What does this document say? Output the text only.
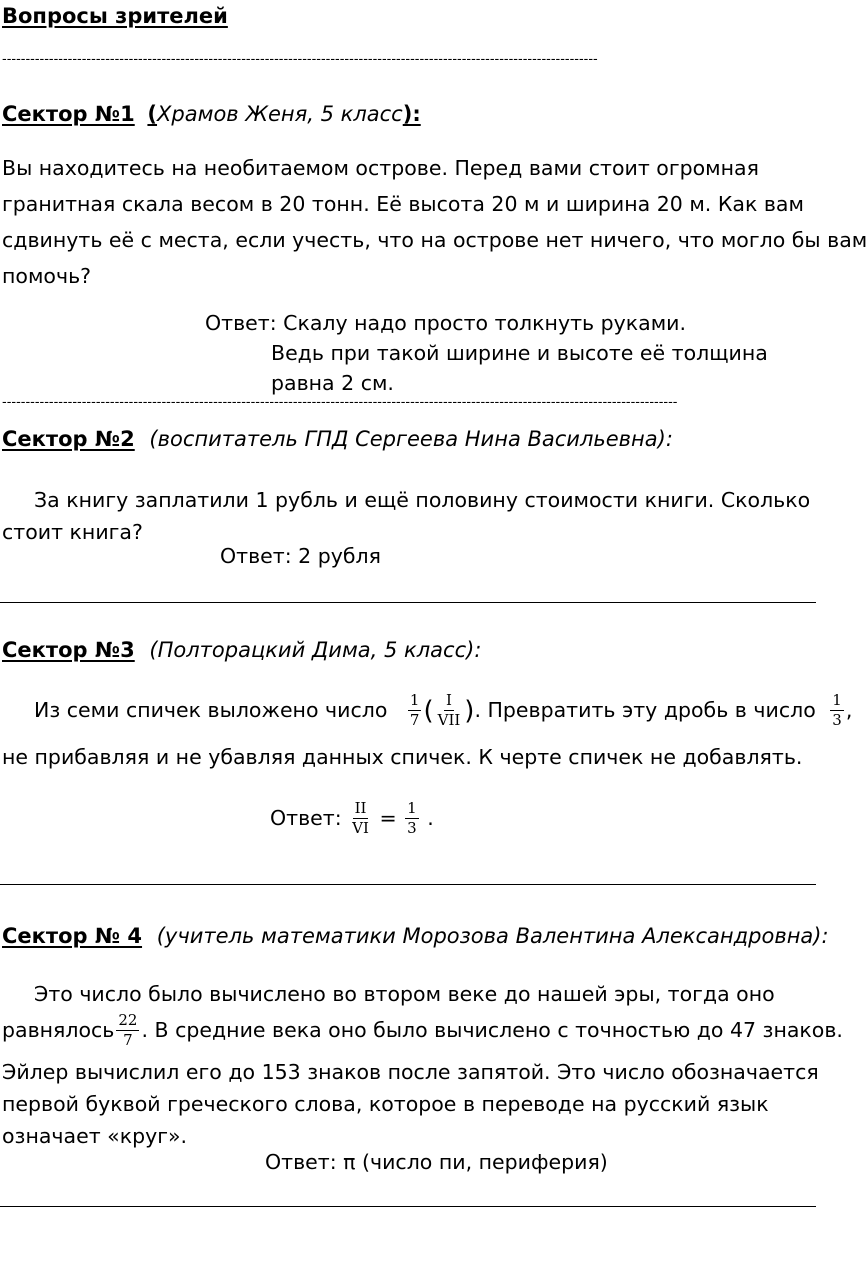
Вопросы зрителей
-------------------------------------------------------------------------------------------------------------------------------
Сектор №1 (Храмов Женя, 5 класс):
Вы находитесь на необитаемом острове. Перед вами стоит огромная
гранитная скала весом в 20 тонн. Её высота 20 м и ширина 20 м. Как вам
сдвинуть её с места, если учесть, что на острове нет ничего, что могло бы вам
помочь?
Ответ: Скалу надо просто толкнуть руками.
Ведь при такой ширине и высоте её толщина
равна 2 см.
------------------------------------------------------------------------------------------------------------------------------------------------
Сектор №2 (воспитатель ГПД Сергеева Нина Васильевна):
За книгу заплатили 1 рубль и ещё половину стоимости книги. Сколько
стоит книга?
Ответ: 2 рубля
Сектор №3 (Полторацкий Дима, 5 класс):
Из семи спичек выложено число $\frac{1}{7}$ ( $\frac{I}{\text{VII}}$ ). Превратить эту дробь в число $\frac{1}{3}$ ,
не прибавляя и не убавляя данных спичек. К черте спичек не добавлять.
Ответ: $\frac{II}{VI} = \frac{1}{3}$ .
Сектор № 4 (учитель математики Морозова Валентина Александровна):
Это число было вычислено во втором веке до нашей эры, тогда оно
равнялось $\frac{22}{7}$ . В средние века оно было вычислено с точностью до 47 знаков.
Эйлер вычислил его до 153 знаков после запятой. Это число обозначается
первой буквой греческого слова, которое в переводе на русский язык
означает «круг».
Ответ: π (число пи, периферия)
